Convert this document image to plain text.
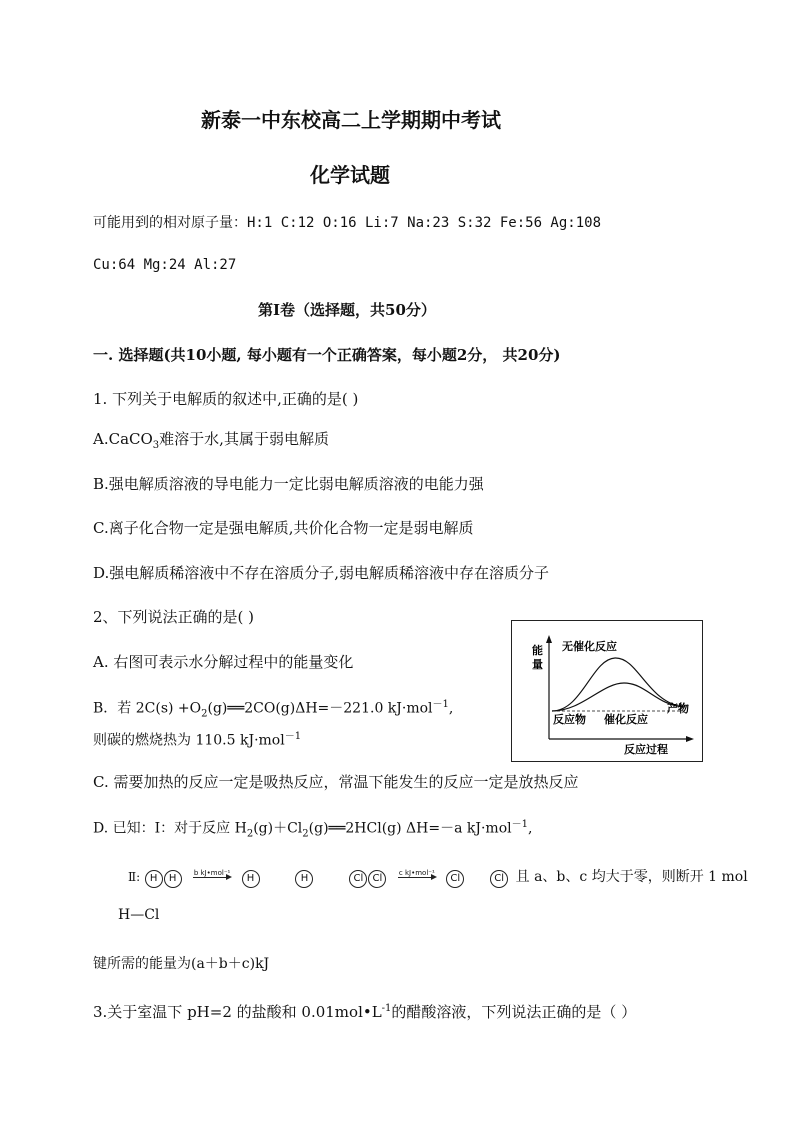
新泰一中东校高二上学期期中考试
化学试题
可能用到的相对原子量：H:1 C:12 O:16 Li:7 Na:23 S:32 Fe:56 Ag:108
Cu:64 Mg:24 Al:27
第Ⅰ卷（选择题，共50分）
一. 选择题(共10小题, 每小题有一个正确答案，每小题2分， 共20分)
1. 下列关于电解质的叙述中,正确的是( )
A.CaCO$_3$难溶于水,其属于弱电解质
B.强电解质溶液的导电能力一定比弱电解质溶液的电能力强
C.离子化合物一定是强电解质,共价化合物一定是弱电解质
D.强电解质稀溶液中不存在溶质分子,弱电解质稀溶液中存在溶质分子
2、下列说法正确的是( )
A. 右图可表示水分解过程中的能量变化
B．若 $2C(s) +O_2(g)══2CO(g)\Delta H=-221.0$ kJ·mol$^{-1}$,
则碳的燃烧热为 110.5 kJ·mol$^{-1}$
C. 需要加热的反应一定是吸热反应，常温下能发生的反应一定是放热反应
D. 已知：Ⅰ：对于反应 $H_2(g)+Cl_2(g)══2HCl(g)$ ΔH=－a kJ·mol$^{-1}$,
Ⅱ: H H b kJ•mol⁻¹ H	H	Cl Cl c kJ•mol⁻¹ Cl	Cl 且 a、b、c 均大于零，则断开 1 mol
H—Cl
键所需的能量为(a＋b＋c)kJ
3.关于室温下 pH=2 的盐酸和 $0.01mol•L^{-1}$的醋酸溶液，下列说法正确的是（ ）
能
量
无催化反应
催化反应
反应物
产物
反应过程
